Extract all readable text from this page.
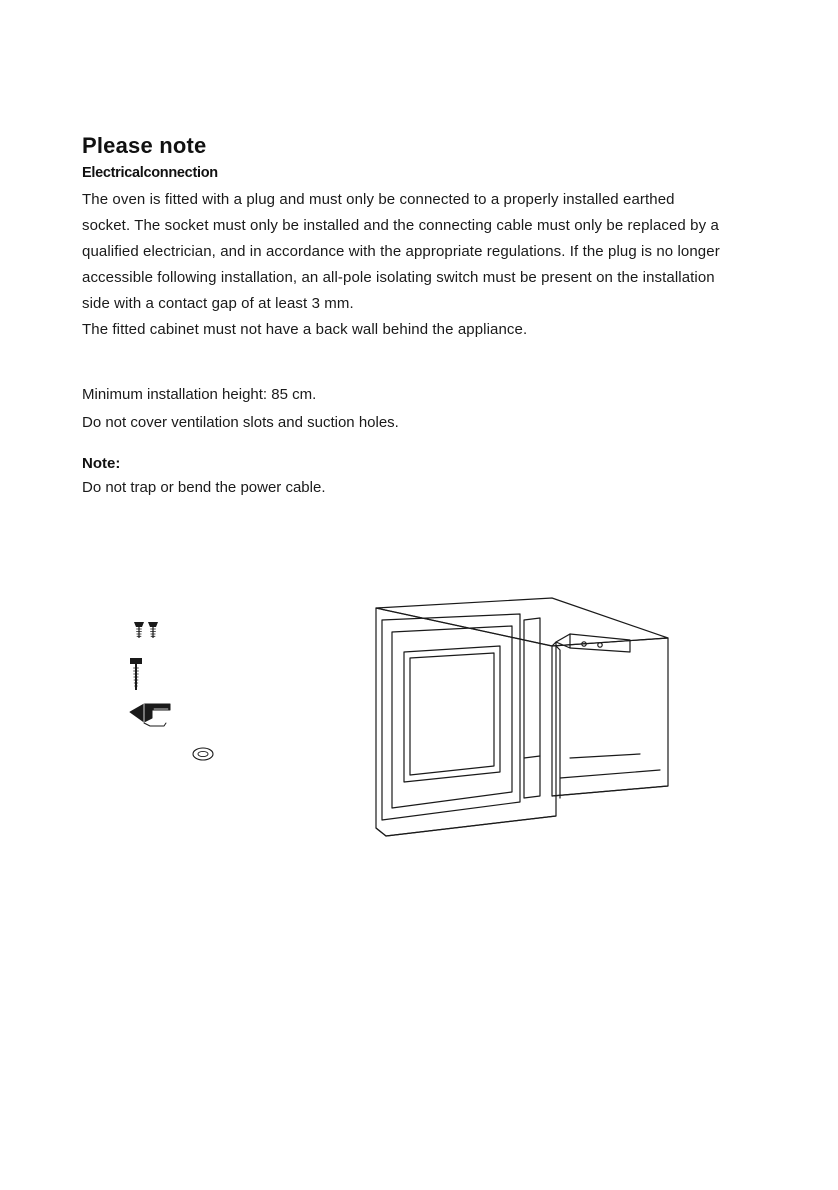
Please note
Electricalconnection

The oven is fitted with a plug and must only be connected to a properly installed earthed socket. The socket must only be installed and the connecting cable must only be replaced by a qualified electrician, and in accordance with the appropriate regulations. If the plug is no longer accessible following installation, an all-pole isolating switch must be present on the installation side with a contact gap of at least 3 mm.

The fitted cabinet must not have a back wall behind the appliance.

Minimum installation height: 85 cm.

Do not cover ventilation slots and suction holes.

Note:

Do not trap or bend the power cable.
